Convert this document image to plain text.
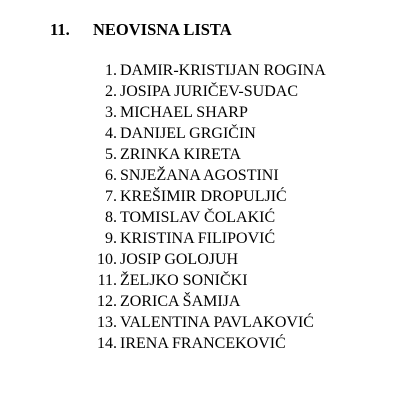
11. NEOVISNA LISTA
1. DAMIR-KRISTIJAN ROGINA
2. JOSIPA JURIČEV-SUDAC
3. MICHAEL SHARP
4. DANIJEL GRGIČIN
5. ZRINKA KIRETA
6. SNJEŽANA AGOSTINI
7. KREŠIMIR DROPULJIĆ
8. TOMISLAV ČOLAKIĆ
9. KRISTINA FILIPOVIĆ
10. JOSIP GOLOJUH
11. ŽELJKO SONIČKI
12. ZORICA ŠAMIJA
13. VALENTINA PAVLAKOVIĆ
14. IRENA FRANCEKOVIĆ
